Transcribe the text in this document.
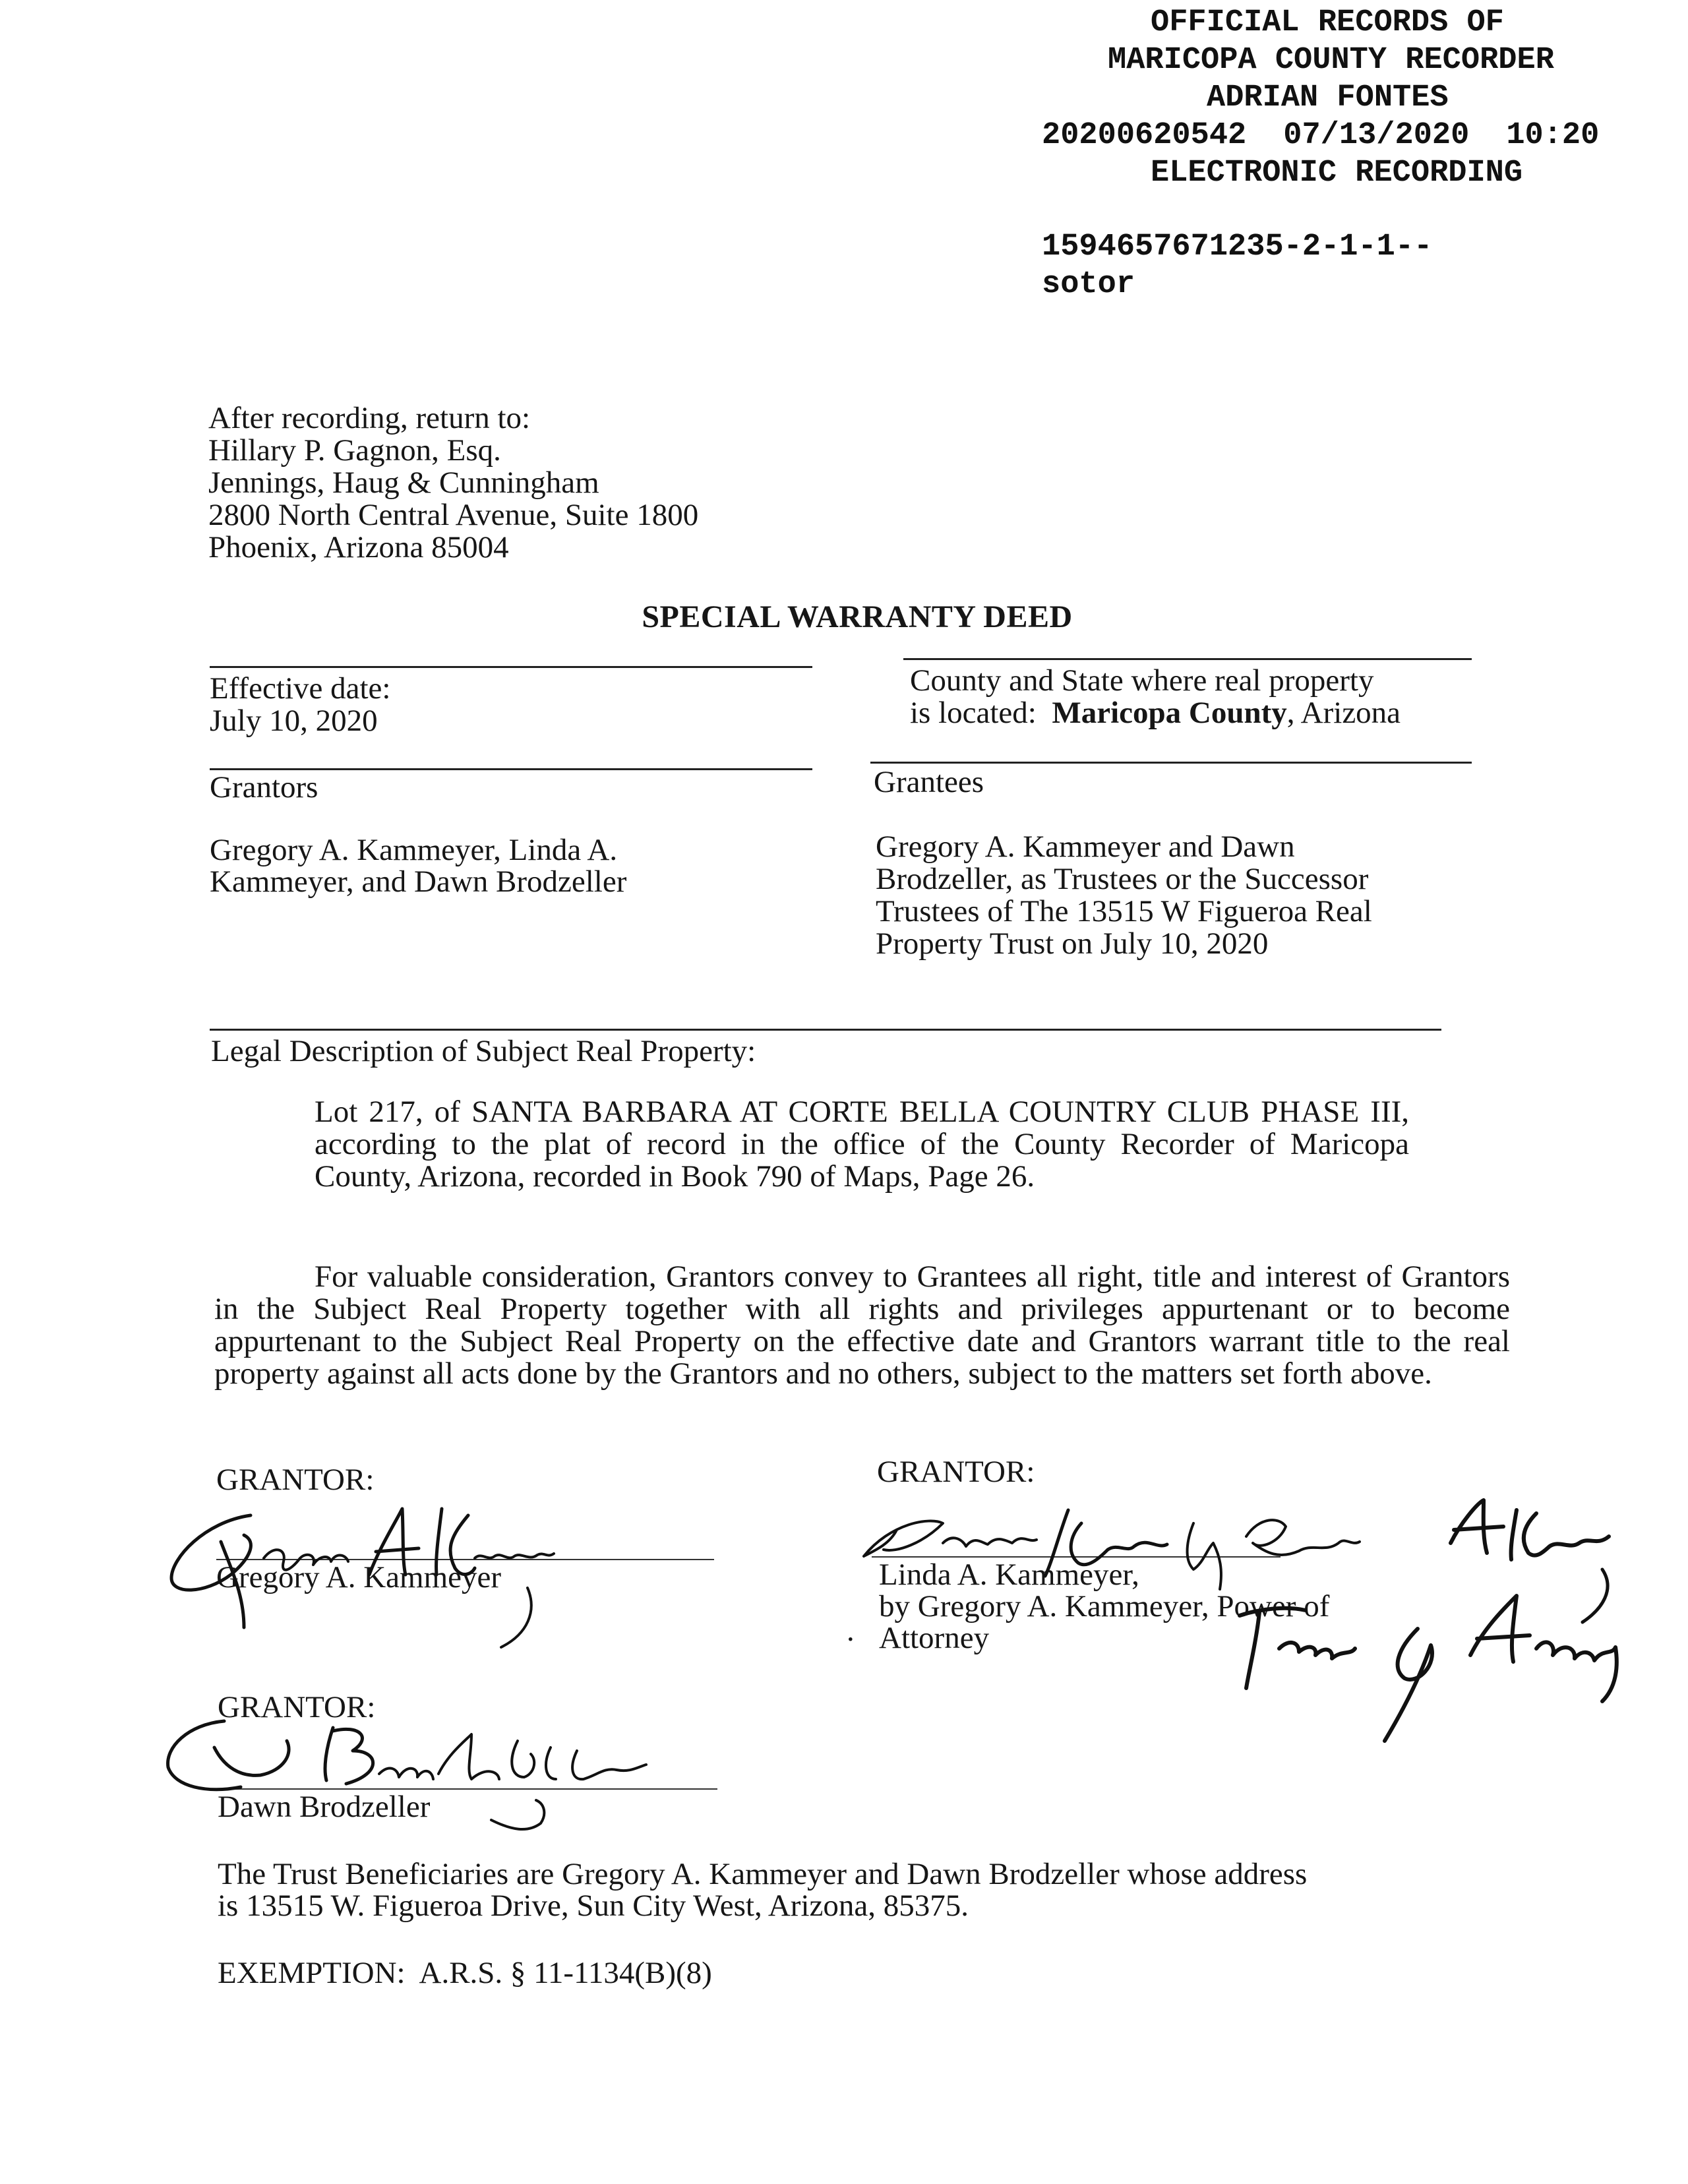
OFFICIAL RECORDS OF
MARICOPA COUNTY RECORDER
ADRIAN FONTES
20200620542 07/13/2020 10:20
ELECTRONIC RECORDING
1594657671235-2-1-1--
sotor
After recording, return to:
Hillary P. Gagnon, Esq.
Jennings, Haug & Cunningham
2800 North Central Avenue, Suite 1800
Phoenix, Arizona 85004
SPECIAL WARRANTY DEED
Effective date:
July 10, 2020
County and State where real property
is located:  Maricopa County, Arizona
Grantors	Grantees
Gregory A. Kammeyer, Linda A.
Kammeyer, and Dawn Brodzeller
Gregory A. Kammeyer and Dawn
Brodzeller, as Trustees or the Successor
Trustees of The 13515 W Figueroa Real
Property Trust on July 10, 2020
Legal Description of Subject Real Property:

Lot 217, of SANTA BARBARA AT CORTE BELLA COUNTRY CLUB PHASE III, according to the plat of record in the office of the County Recorder of Maricopa County, Arizona, recorded in Book 790 of Maps, Page 26.

For valuable consideration, Grantors convey to Grantees all right, title and interest of Grantors in the Subject Real Property together with all rights and privileges appurtenant or to become appurtenant to the Subject Real Property on the effective date and Grantors warrant title to the real property against all acts done by the Grantors and no others, subject to the matters set forth above.

GRANTOR:
Gregory A. Kammeyer
GRANTOR:
Linda A. Kammeyer,
by Gregory A. Kammeyer, Power of
Attorney
·
GRANTOR:
Dawn Brodzeller
The Trust Beneficiaries are Gregory A. Kammeyer and Dawn Brodzeller whose address
is 13515 W. Figueroa Drive, Sun City West, Arizona, 85375.
EXEMPTION:  A.R.S. § 11-1134(B)(8)
